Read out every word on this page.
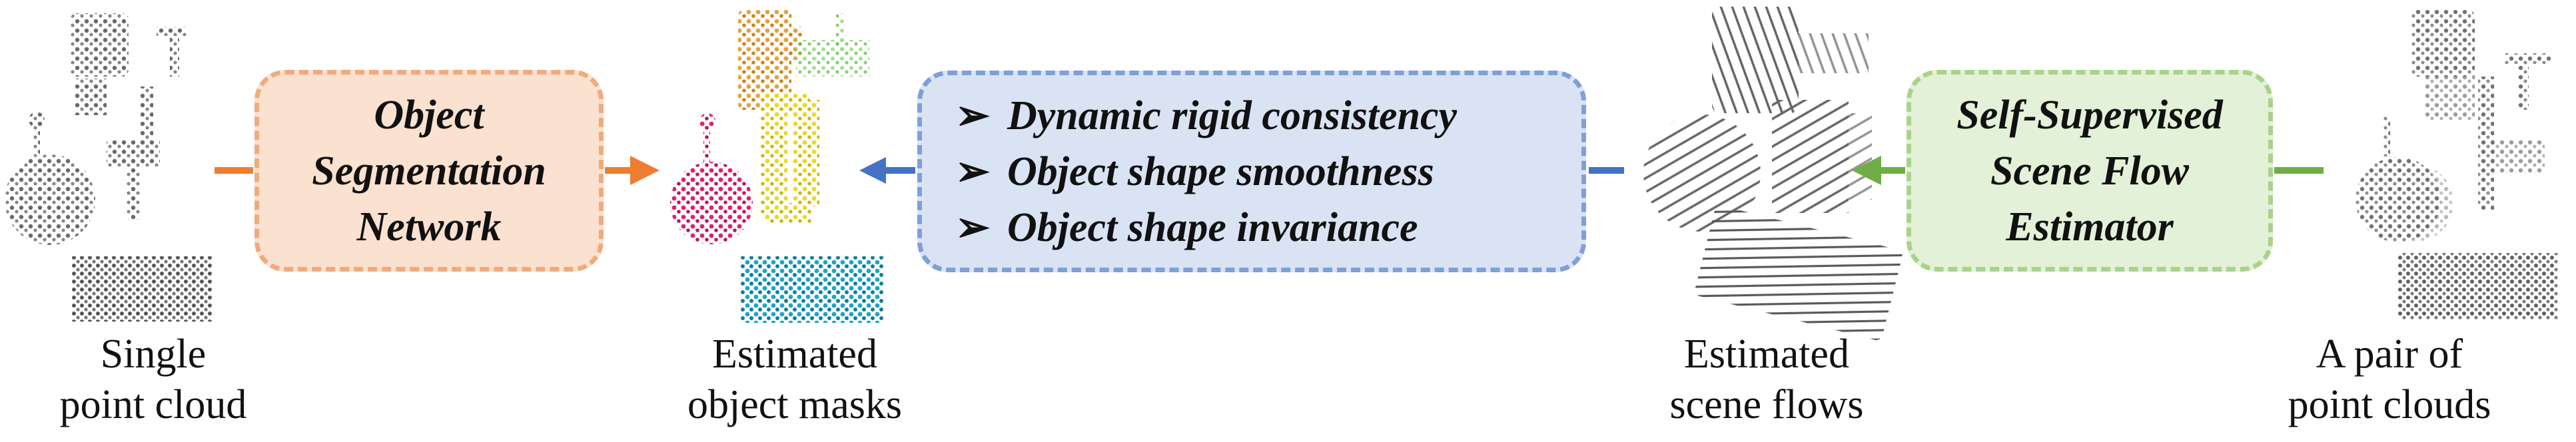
Object
Segmentation
Network
➢ Dynamic rigid consistency
➢ Object shape smoothness
➢ Object shape invariance
Self-Supervised
Scene Flow
Estimator
Single
point cloud
Estimated
object masks
Estimated
scene flows
A pair of
point clouds
